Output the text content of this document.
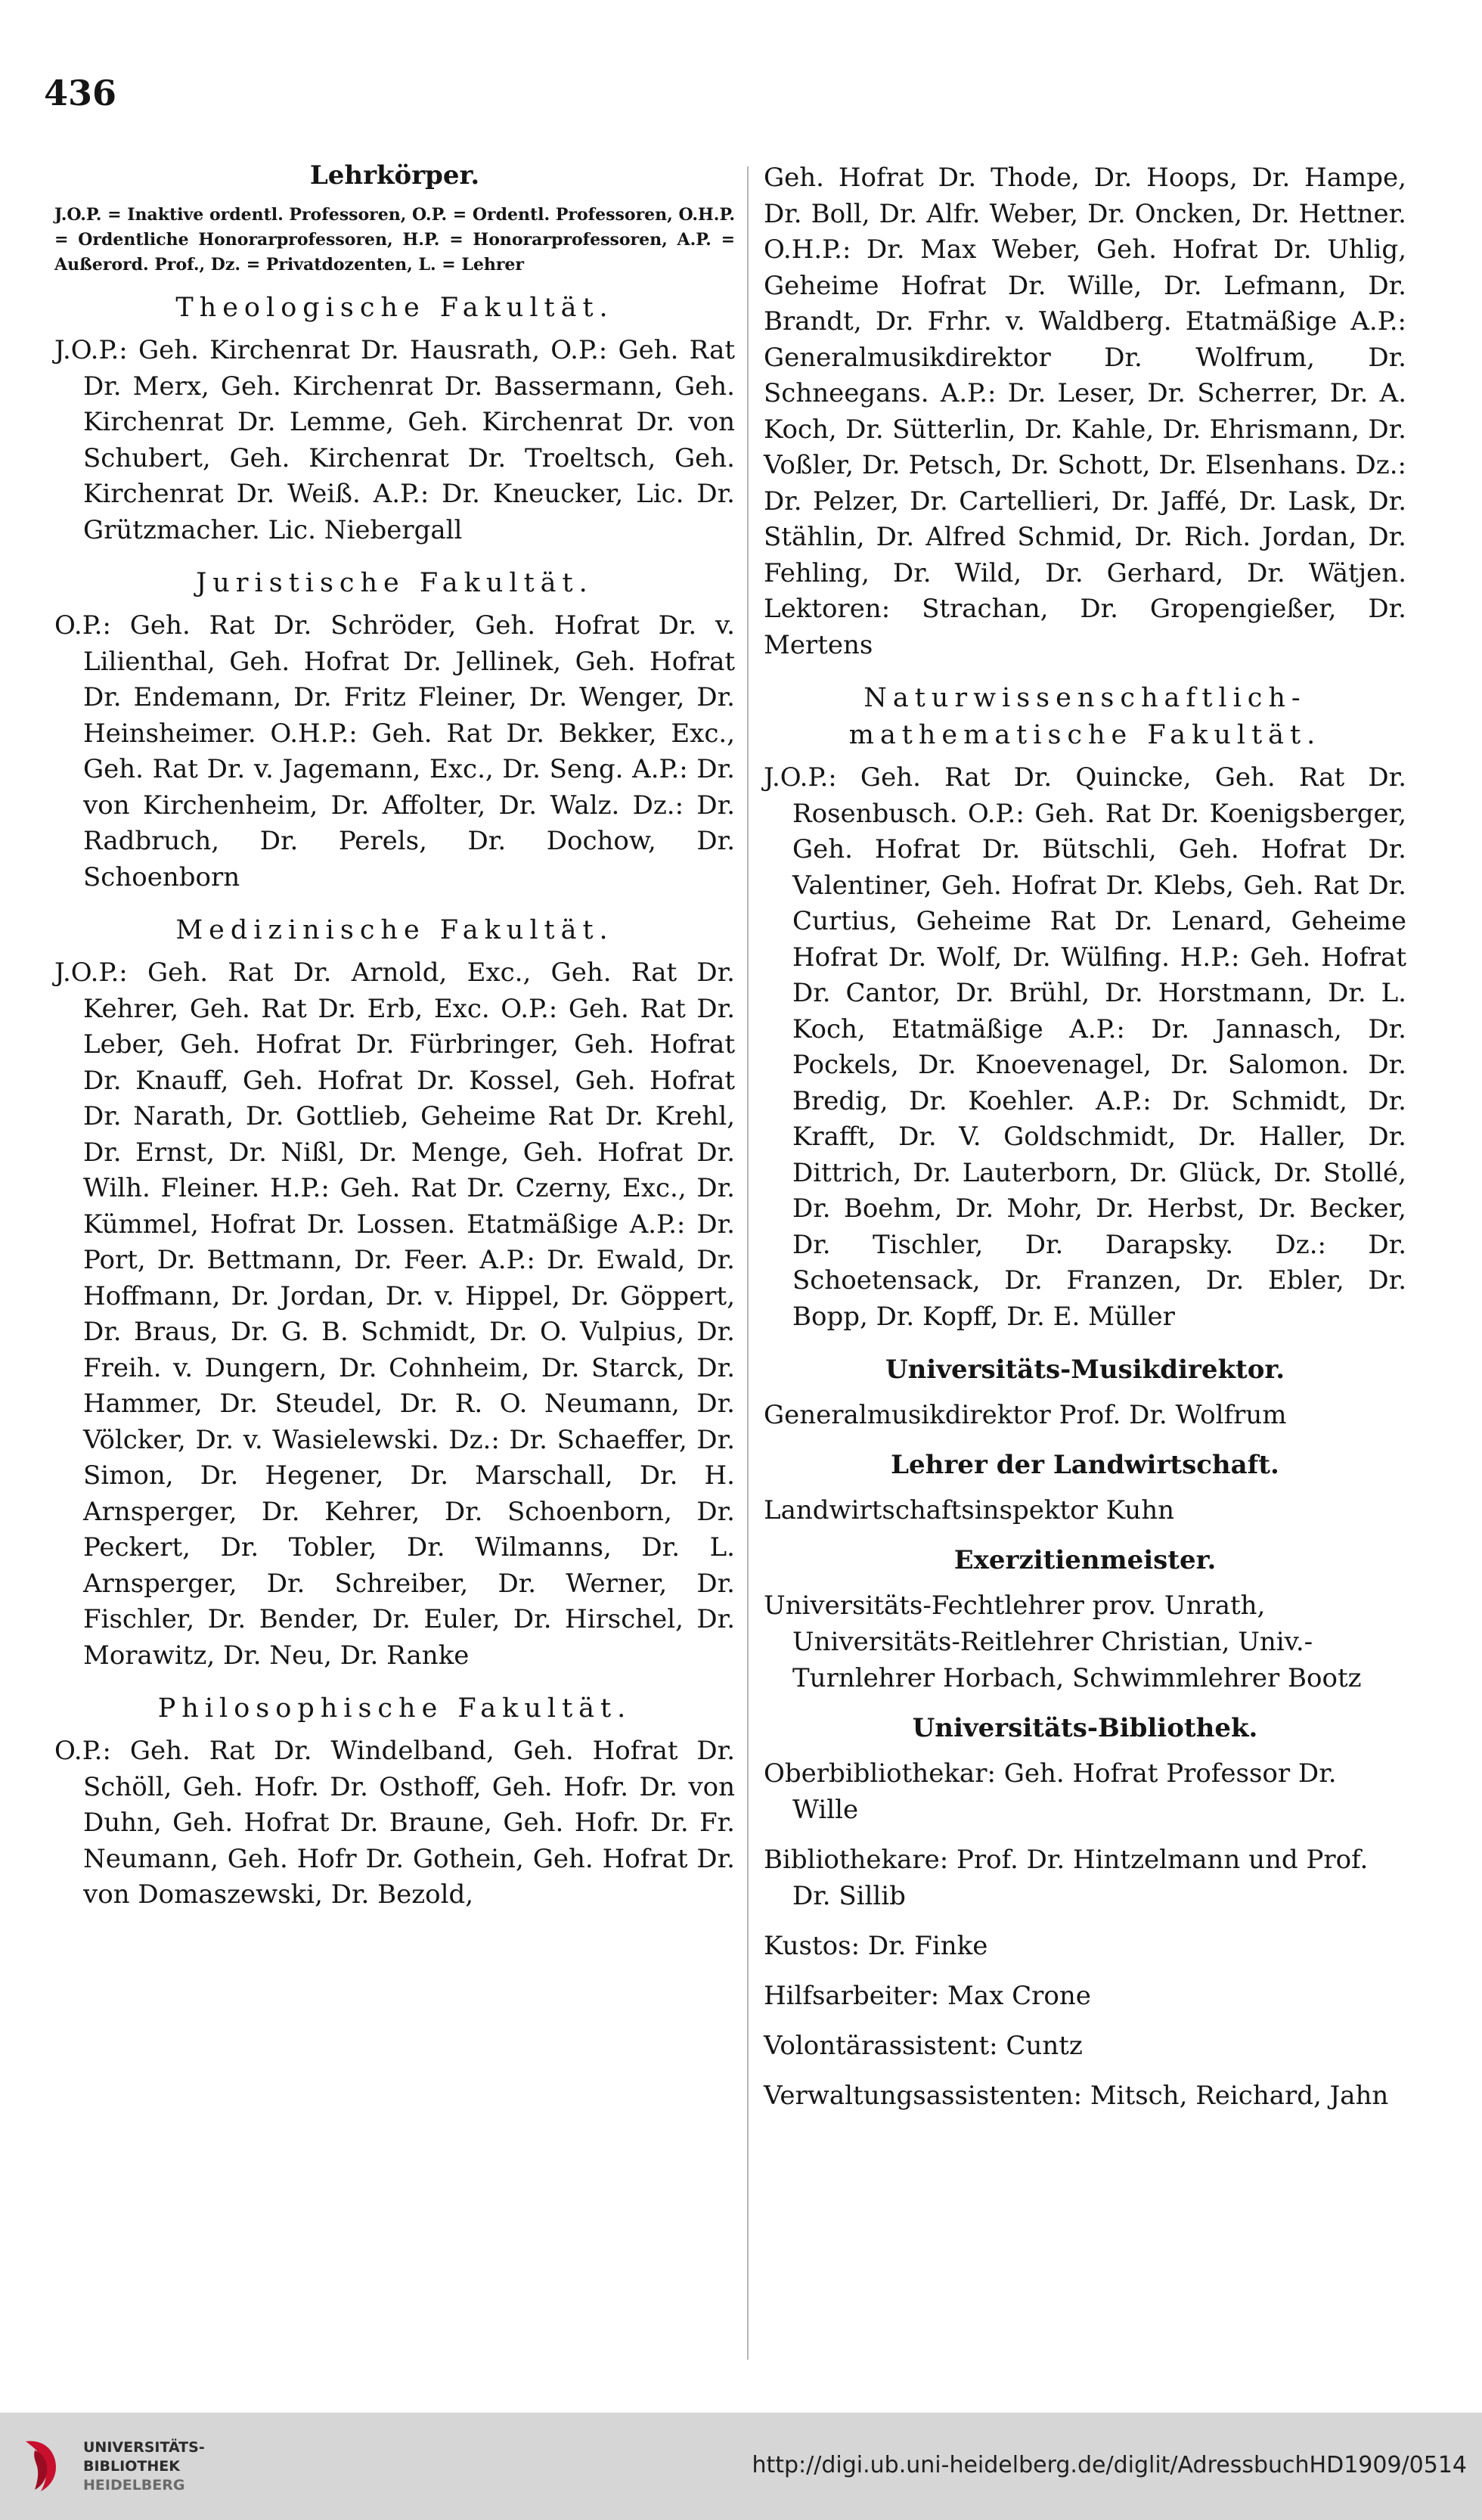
436
Lehrkörper.
J.O.P. = Inaktive ordentl. Professoren, O.P. = Ordentl. Professoren, O.H.P. = Ordentliche Honorarprofessoren, H.P. = Honorarprofessoren, A.P. = Außerord. Prof., Dz. = Privatdozenten, L. = Lehrer
Theologische Fakultät.
J.O.P.: Geh. Kirchenrat Dr. Hausrath, O.P.: Geh. Rat Dr. Merx, Geh. Kirchenrat Dr. Bassermann, Geh. Kirchenrat Dr. Lemme, Geh. Kirchenrat Dr. von Schubert, Geh. Kirchenrat Dr. Troeltsch, Geh. Kirchenrat Dr. Weiß. A.P.: Dr. Kneucker, Lic. Dr. Grützmacher. Lic. Niebergall
Juristische Fakultät.
O.P.: Geh. Rat Dr. Schröder, Geh. Hofrat Dr. v. Lilienthal, Geh. Hofrat Dr. Jellinek, Geh. Hofrat Dr. Endemann, Dr. Fritz Fleiner, Dr. Wenger, Dr. Heinsheimer. O.H.P.: Geh. Rat Dr. Bekker, Exc., Geh. Rat Dr. v. Jagemann, Exc., Dr. Seng. A.P.: Dr. von Kirchenheim, Dr. Affolter, Dr. Walz. Dz.: Dr. Radbruch, Dr. Perels, Dr. Dochow, Dr. Schoenborn
Medizinische Fakultät.
J.O.P.: Geh. Rat Dr. Arnold, Exc., Geh. Rat Dr. Kehrer, Geh. Rat Dr. Erb, Exc. O.P.: Geh. Rat Dr. Leber, Geh. Hofrat Dr. Fürbringer, Geh. Hofrat Dr. Knauff, Geh. Hofrat Dr. Kossel, Geh. Hofrat Dr. Narath, Dr. Gottlieb, Geheime Rat Dr. Krehl, Dr. Ernst, Dr. Nißl, Dr. Menge, Geh. Hofrat Dr. Wilh. Fleiner. H.P.: Geh. Rat Dr. Czerny, Exc., Dr. Kümmel, Hofrat Dr. Lossen. Etatmäßige A.P.: Dr. Port, Dr. Bettmann, Dr. Feer. A.P.: Dr. Ewald, Dr. Hoffmann, Dr. Jordan, Dr. v. Hippel, Dr. Göppert, Dr. Braus, Dr. G. B. Schmidt, Dr. O. Vulpius, Dr. Freih. v. Dungern, Dr. Cohnheim, Dr. Starck, Dr. Hammer, Dr. Steudel, Dr. R. O. Neumann, Dr. Völcker, Dr. v. Wasielewski. Dz.: Dr. Schaeffer, Dr. Simon, Dr. Hegener, Dr. Marschall, Dr. H. Arnsperger, Dr. Kehrer, Dr. Schoenborn, Dr. Peckert, Dr. Tobler, Dr. Wilmanns, Dr. L. Arnsperger, Dr. Schreiber, Dr. Werner, Dr. Fischler, Dr. Bender, Dr. Euler, Dr. Hirschel, Dr. Morawitz, Dr. Neu, Dr. Ranke
Philosophische Fakultät.
O.P.: Geh. Rat Dr. Windelband, Geh. Hofrat Dr. Schöll, Geh. Hofr. Dr. Osthoff, Geh. Hofr. Dr. von Duhn, Geh. Hofrat Dr. Braune, Geh. Hofr. Dr. Fr. Neumann, Geh. Hofr Dr. Gothein, Geh. Hofrat Dr. von Domaszewski, Dr. Bezold,
Geh. Hofrat Dr. Thode, Dr. Hoops, Dr. Hampe, Dr. Boll, Dr. Alfr. Weber, Dr. Oncken, Dr. Hettner. O.H.P.: Dr. Max Weber, Geh. Hofrat Dr. Uhlig, Geheime Hofrat Dr. Wille, Dr. Lefmann, Dr. Brandt, Dr. Frhr. v. Waldberg. Etatmäßige A.P.: Generalmusikdirektor Dr. Wolfrum, Dr. Schneegans. A.P.: Dr. Leser, Dr. Scherrer, Dr. A. Koch, Dr. Sütterlin, Dr. Kahle, Dr. Ehrismann, Dr. Voßler, Dr. Petsch, Dr. Schott, Dr. Elsenhans. Dz.: Dr. Pelzer, Dr. Cartellieri, Dr. Jaffé, Dr. Lask, Dr. Stählin, Dr. Alfred Schmid, Dr. Rich. Jordan, Dr. Fehling, Dr. Wild, Dr. Gerhard, Dr. Wätjen. Lektoren: Strachan, Dr. Gropengießer, Dr. Mertens
Naturwissenschaftlich-mathematische Fakultät.
J.O.P.: Geh. Rat Dr. Quincke, Geh. Rat Dr. Rosenbusch. O.P.: Geh. Rat Dr. Koenigsberger, Geh. Hofrat Dr. Bütschli, Geh. Hofrat Dr. Valentiner, Geh. Hofrat Dr. Klebs, Geh. Rat Dr. Curtius, Geheime Rat Dr. Lenard, Geheime Hofrat Dr. Wolf, Dr. Wülfing. H.P.: Geh. Hofrat Dr. Cantor, Dr. Brühl, Dr. Horstmann, Dr. L. Koch, Etatmäßige A.P.: Dr. Jannasch, Dr. Pockels, Dr. Knoevenagel, Dr. Salomon. Dr. Bredig, Dr. Koehler. A.P.: Dr. Schmidt, Dr. Krafft, Dr. V. Goldschmidt, Dr. Haller, Dr. Dittrich, Dr. Lauterborn, Dr. Glück, Dr. Stollé, Dr. Boehm, Dr. Mohr, Dr. Herbst, Dr. Becker, Dr. Tischler, Dr. Darapsky. Dz.: Dr. Schoetensack, Dr. Franzen, Dr. Ebler, Dr. Bopp, Dr. Kopff, Dr. E. Müller
Universitäts-Musikdirektor.
Generalmusikdirektor Prof. Dr. Wolfrum
Lehrer der Landwirtschaft.
Landwirtschaftsinspektor Kuhn
Exerzitienmeister.
Universitäts-Fechtlehrer prov. Unrath, Universitäts-Reitlehrer Christian, Univ.-Turnlehrer Horbach, Schwimmlehrer Bootz
Universitäts-Bibliothek.
Oberbibliothekar: Geh. Hofrat Professor Dr. Wille
Bibliothekare: Prof. Dr. Hintzelmann und Prof. Dr. Sillib
Kustos: Dr. Finke
Hilfsarbeiter: Max Crone
Volontärassistent: Cuntz
Verwaltungsassistenten: Mitsch, Reichard, Jahn
UNIVERSITÄTS-
BIBLIOTHEK
HEIDELBERG
http://digi.ub.uni-heidelberg.de/diglit/AdressbuchHD1909/0514
